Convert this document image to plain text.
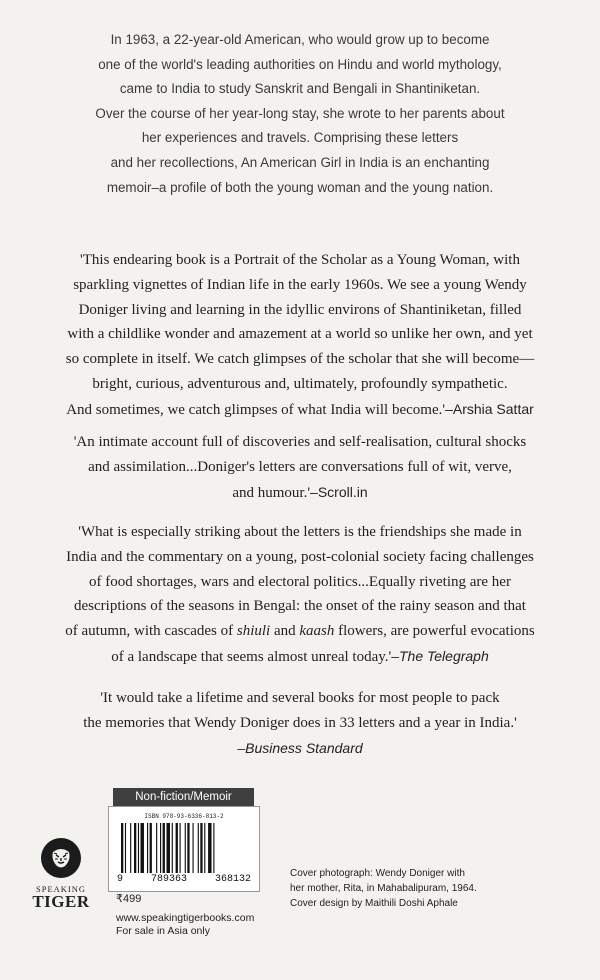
In 1963, a 22-year-old American, who would grow up to become

one of the world's leading authorities on Hindu and world mythology,

came to India to study Sanskrit and Bengali in Shantiniketan.

Over the course of her year-long stay, she wrote to her parents about

her experiences and travels. Comprising these letters

and her recollections, An American Girl in India is an enchanting

memoir–a profile of both the young woman and the young nation.

'This endearing book is a Portrait of the Scholar as a Young Woman, with

sparkling vignettes of Indian life in the early 1960s. We see a young Wendy

Doniger living and learning in the idyllic environs of Shantiniketan, filled

with a childlike wonder and amazement at a world so unlike her own, and yet

so complete in itself. We catch glimpses of the scholar that she will become—

bright, curious, adventurous and, ultimately, profoundly sympathetic.

And sometimes, we catch glimpses of what India will become.'–Arshia Sattar

'An intimate account full of discoveries and self-realisation, cultural shocks

and assimilation...Doniger's letters are conversations full of wit, verve,

and humour.'–Scroll.in

'What is especially striking about the letters is the friendships she made in

India and the commentary on a young, post-colonial society facing challenges

of food shortages, wars and electoral politics...Equally riveting are her

descriptions of the seasons in Bengal: the onset of the rainy season and that

of autumn, with cascades of shiuli and kaash flowers, are powerful evocations

of a landscape that seems almost unreal today.'–The Telegraph

'It would take a lifetime and several books for most people to pack

the memories that Wendy Doniger does in 33 letters and a year in India.'

–Business Standard

SPEAKING
TIGER
Non-fiction/Memoir
ISBN 978-93-6336-813-2
9	789363	368132
₹499
www.speakingtigerbooks.com
For sale in Asia only

Cover photograph: Wendy Doniger with

her mother, Rita, in Mahabalipuram, 1964.

Cover design by Maithili Doshi Aphale
